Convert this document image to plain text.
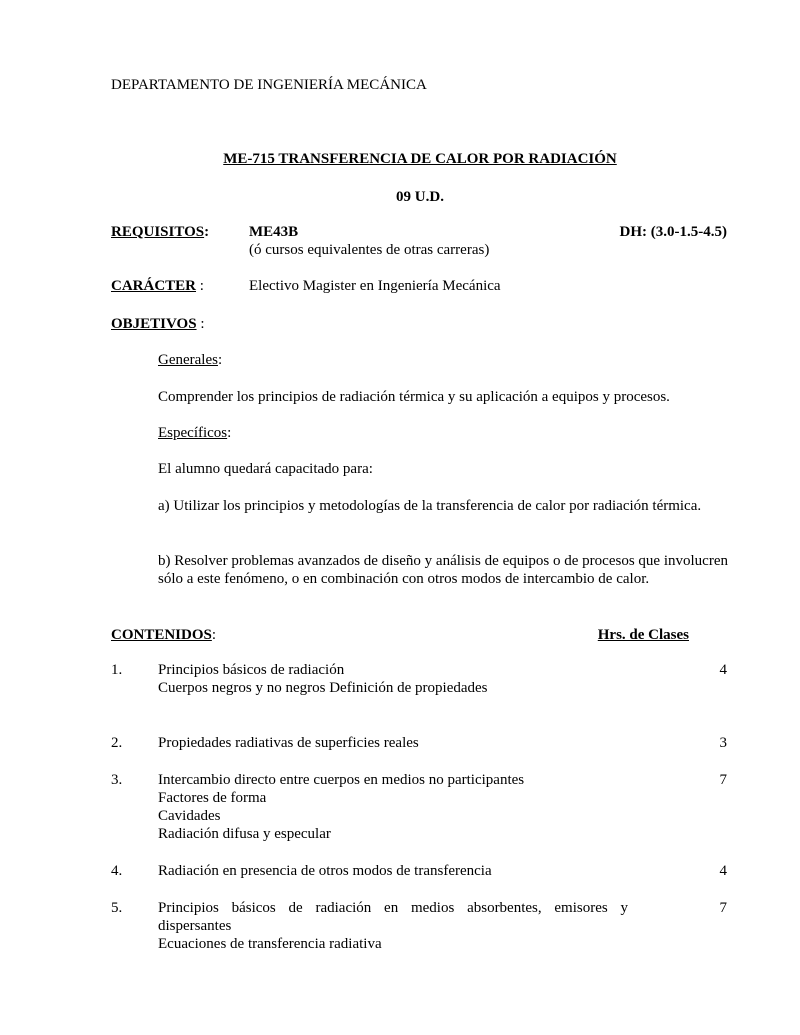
DEPARTAMENTO DE INGENIERÍA MECÁNICA
ME-715 TRANSFERENCIA DE CALOR POR RADIACIÓN
09 U.D.
REQUISITOS:	ME43B
(ó cursos equivalentes de otras carreras)
DH: (3.0-1.5-4.5)
CARÁCTER :	Electivo Magister en Ingeniería Mecánica
OBJETIVOS :
Generales:
Comprender los principios de radiación térmica y su aplicación a equipos y procesos.
Específicos:
El alumno quedará capacitado para:
a) Utilizar los principios y metodologías de la transferencia de calor por radiación térmica.
b) Resolver problemas avanzados de diseño y análisis de equipos o de procesos que involucren sólo a este fenómeno, o en combinación con otros modos de intercambio de calor.
CONTENIDOS:	Hrs. de Clases
1.	Principios básicos de radiación
Cuerpos negros y no negros Definición de propiedades
4
2.	Propiedades radiativas de superficies reales	3
3.	Intercambio directo entre cuerpos en medios no participantes
Factores de forma
Cavidades
Radiación difusa y especular
7
4.	Radiación en presencia de otros modos de transferencia	4
5.	Principios básicos de radiación en medios absorbentes, emisores y dispersantes
Ecuaciones de transferencia radiativa
7
